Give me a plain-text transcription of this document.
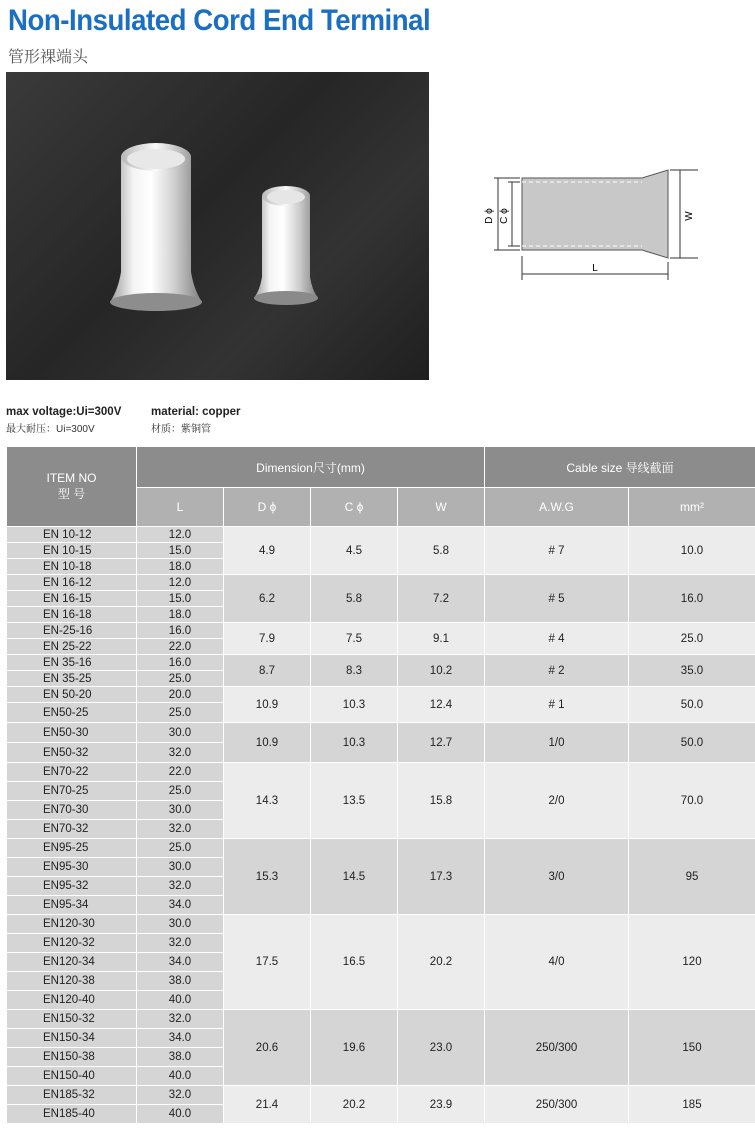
Non-Insulated Cord End Terminal
管形裸端头
D ϕ C ϕ	W
L
max voltage:Ui=300V
最大耐压：Ui=300V
material: copper
材质：紫铜管
ITEM NO
型 号	Dimension尺寸(mm)				Cable size 导线截面	
	L	D ϕ	C ϕ	W	A.W.G	mm²
EN 10-12	12.0	4.9	4.5	5.8	# 7	10.0
EN 10-15	15.0					
EN 10-18	18.0					
EN 16-12	12.0	6.2	5.8	7.2	# 5	16.0
EN 16-15	15.0					
EN 16-18	18.0					
EN-25-16	16.0	7.9	7.5	9.1	# 4	25.0
EN 25-22	22.0					
EN 35-16	16.0	8.7	8.3	10.2	# 2	35.0
EN 35-25	25.0					
EN 50-20	20.0	10.9	10.3	12.4	# 1	50.0
EN50-25	25.0					
EN50-30	30.0	10.9	10.3	12.7	1/0	50.0
EN50-32	32.0					
EN70-22	22.0	14.3	13.5	15.8	2/0	70.0
EN70-25	25.0					
EN70-30	30.0					
EN70-32	32.0					
EN95-25	25.0	15.3	14.5	17.3	3/0	95
EN95-30	30.0					
EN95-32	32.0					
EN95-34	34.0					
EN120-30	30.0	17.5	16.5	20.2	4/0	120
EN120-32	32.0					
EN120-34	34.0					
EN120-38	38.0					
EN120-40	40.0					
EN150-32	32.0	20.6	19.6	23.0	250/300	150
EN150-34	34.0					
EN150-38	38.0					
EN150-40	40.0					
EN185-32	32.0	21.4	20.2	23.9	250/300	185
EN185-40	40.0					
